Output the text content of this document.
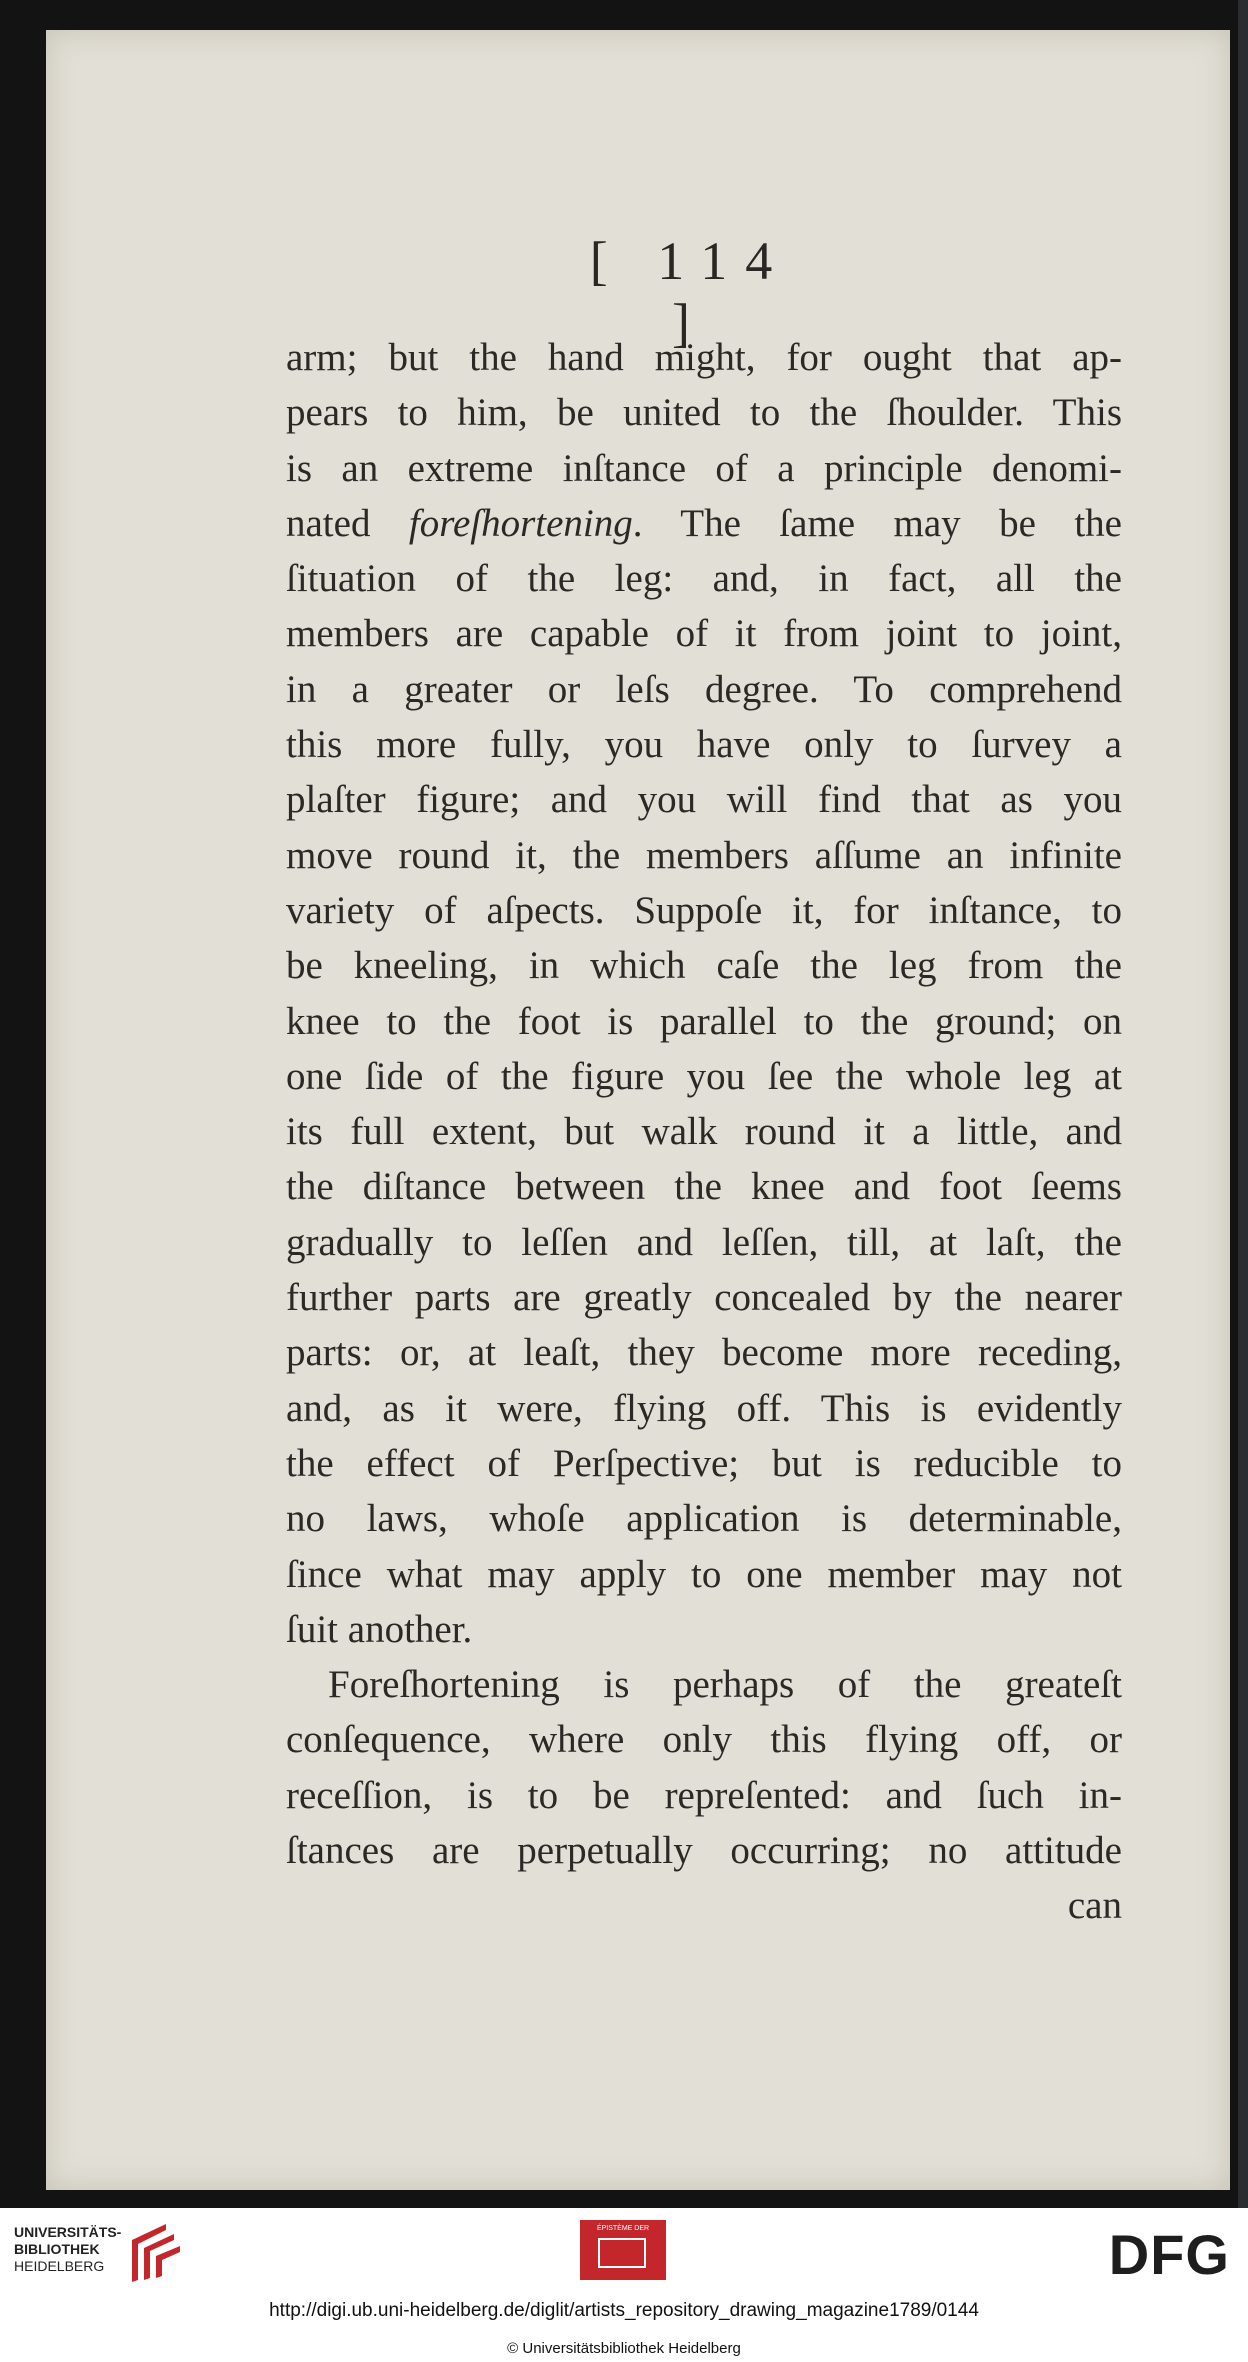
[ 114 ]
arm; but the hand might, for ought that ap-
pears to him, be united to the ſhoulder. This
is an extreme inſtance of a principle denomi-
nated foreſhortening. The ſame may be the
ſituation of the leg: and, in fact, all the
members are capable of it from joint to joint,
in a greater or leſs degree. To comprehend
this more fully, you have only to ſurvey a
plaſter figure; and you will find that as you
move round it, the members aſſume an infinite
variety of aſpects. Suppoſe it, for inſtance, to
be kneeling, in which caſe the leg from the
knee to the foot is parallel to the ground; on
one ſide of the figure you ſee the whole leg at
its full extent, but walk round it a little, and
the diſtance between the knee and foot ſeems
gradually to leſſen and leſſen, till, at laſt, the
further parts are greatly concealed by the nearer
parts: or, at leaſt, they become more receding,
and, as it were, flying off. This is evidently
the effect of Perſpective; but is reducible to
no laws, whoſe application is determinable,
ſince what may apply to one member may not
ſuit another.
Foreſhortening is perhaps of the greateſt
conſequence, where only this flying off, or
receſſion, is to be repreſented: and ſuch in-
ſtances are perpetually occurring; no attitude
can
UNIVERSITÄTS-
BIBLIOTHEK
HEIDELBERG
ÉPISTÈME DER	DFG
http://digi.ub.uni-heidelberg.de/diglit/artists_repository_drawing_magazine1789/0144
© Universitätsbibliothek Heidelberg
